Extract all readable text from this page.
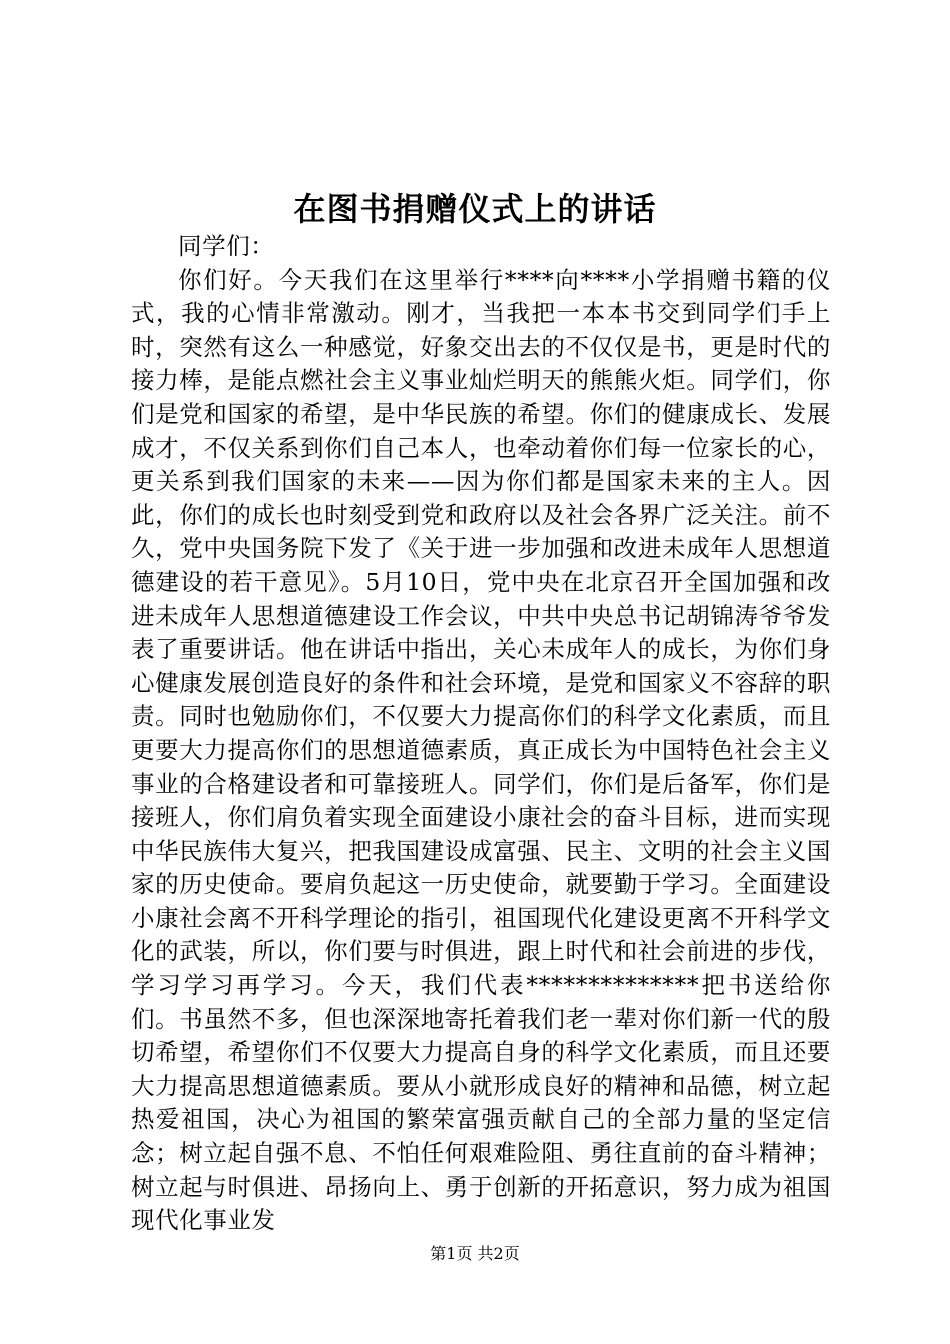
在图书捐赠仪式上的讲话

同学们：

你们好。今天我们在这里举行****向****小学捐赠书籍的仪式，我的心情非常激动。刚才，当我把一本本书交到同学们手上时，突然有这么一种感觉，好象交出去的不仅仅是书，更是时代的接力棒，是能点燃社会主义事业灿烂明天的熊熊火炬。同学们，你们是党和国家的希望，是中华民族的希望。你们的健康成长、发展成才，不仅关系到你们自己本人，也牵动着你们每一位家长的心，更关系到我们国家的未来——因为你们都是国家未来的主人。因此，你们的成长也时刻受到党和政府以及社会各界广泛关注。前不久，党中央国务院下发了《关于进一步加强和改进未成年人思想道德建设的若干意见》。5月10日，党中央在北京召开全国加强和改进未成年人思想道德建设工作会议，中共中央总书记胡锦涛爷爷发表了重要讲话。他在讲话中指出，关心未成年人的成长，为你们身心健康发展创造良好的条件和社会环境，是党和国家义不容辞的职责。同时也勉励你们，不仅要大力提高你们的科学文化素质，而且更要大力提高你们的思想道德素质，真正成长为中国特色社会主义事业的合格建设者和可靠接班人。同学们，你们是后备军，你们是接班人，你们肩负着实现全面建设小康社会的奋斗目标，进而实现中华民族伟大复兴，把我国建设成富强、民主、文明的社会主义国家的历史使命。要肩负起这一历史使命，就要勤于学习。全面建设小康社会离不开科学理论的指引，祖国现代化建设更离不开科学文化的武装，所以，你们要与时俱进，跟上时代和社会前进的步伐，学习学习再学习。今天，我们代表**************把书送给你们。书虽然不多，但也深深地寄托着我们老一辈对你们新一代的殷切希望，希望你们不仅要大力提高自身的科学文化素质，而且还要大力提高思想道德素质。要从小就形成良好的精神和品德，树立起热爱祖国，决心为祖国的繁荣富强贡献自己的全部力量的坚定信念；树立起自强不息、不怕任何艰难险阻、勇往直前的奋斗精神；树立起与时俱进、昂扬向上、勇于创新的开拓意识，努力成为祖国现代化事业发

第1页 共2页
